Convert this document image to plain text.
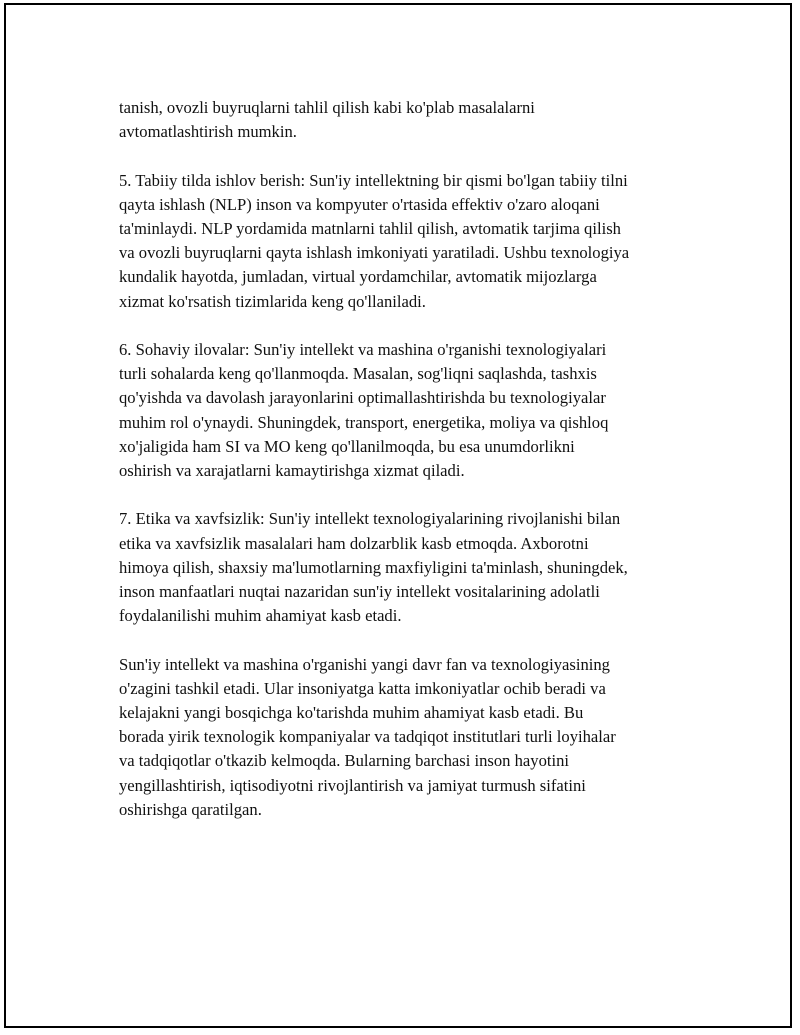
tanish, ovozli buyruqlarni tahlil qilish kabi ko'plab masalalarni
avtomatlashtirish mumkin.

5. Tabiiy tilda ishlov berish: Sun'iy intellektning bir qismi bo'lgan tabiiy tilni
qayta ishlash (NLP) inson va kompyuter o'rtasida effektiv o'zaro aloqani
ta'minlaydi. NLP yordamida matnlarni tahlil qilish, avtomatik tarjima qilish
va ovozli buyruqlarni qayta ishlash imkoniyati yaratiladi. Ushbu texnologiya
kundalik hayotda, jumladan, virtual yordamchilar, avtomatik mijozlarga
xizmat ko'rsatish tizimlarida keng qo'llaniladi.

6. Sohaviy ilovalar: Sun'iy intellekt va mashina o'rganishi texnologiyalari
turli sohalarda keng qo'llanmoqda. Masalan, sog'liqni saqlashda, tashxis
qo'yishda va davolash jarayonlarini optimallashtirishda bu texnologiyalar
muhim rol o'ynaydi. Shuningdek, transport, energetika, moliya va qishloq
xo'jaligida ham SI va MO keng qo'llanilmoqda, bu esa unumdorlikni
oshirish va xarajatlarni kamaytirishga xizmat qiladi.

7. Etika va xavfsizlik: Sun'iy intellekt texnologiyalarining rivojlanishi bilan
etika va xavfsizlik masalalari ham dolzarblik kasb etmoqda. Axborotni
himoya qilish, shaxsiy ma'lumotlarning maxfiyligini ta'minlash, shuningdek,
inson manfaatlari nuqtai nazaridan sun'iy intellekt vositalarining adolatli
foydalanilishi muhim ahamiyat kasb etadi.

Sun'iy intellekt va mashina o'rganishi yangi davr fan va texnologiyasining
o'zagini tashkil etadi. Ular insoniyatga katta imkoniyatlar ochib beradi va
kelajakni yangi bosqichga ko'tarishda muhim ahamiyat kasb etadi. Bu
borada yirik texnologik kompaniyalar va tadqiqot institutlari turli loyihalar
va tadqiqotlar o'tkazib kelmoqda. Bularning barchasi inson hayotini
yengillashtirish, iqtisodiyotni rivojlantirish va jamiyat turmush sifatini
oshirishga qaratilgan.
